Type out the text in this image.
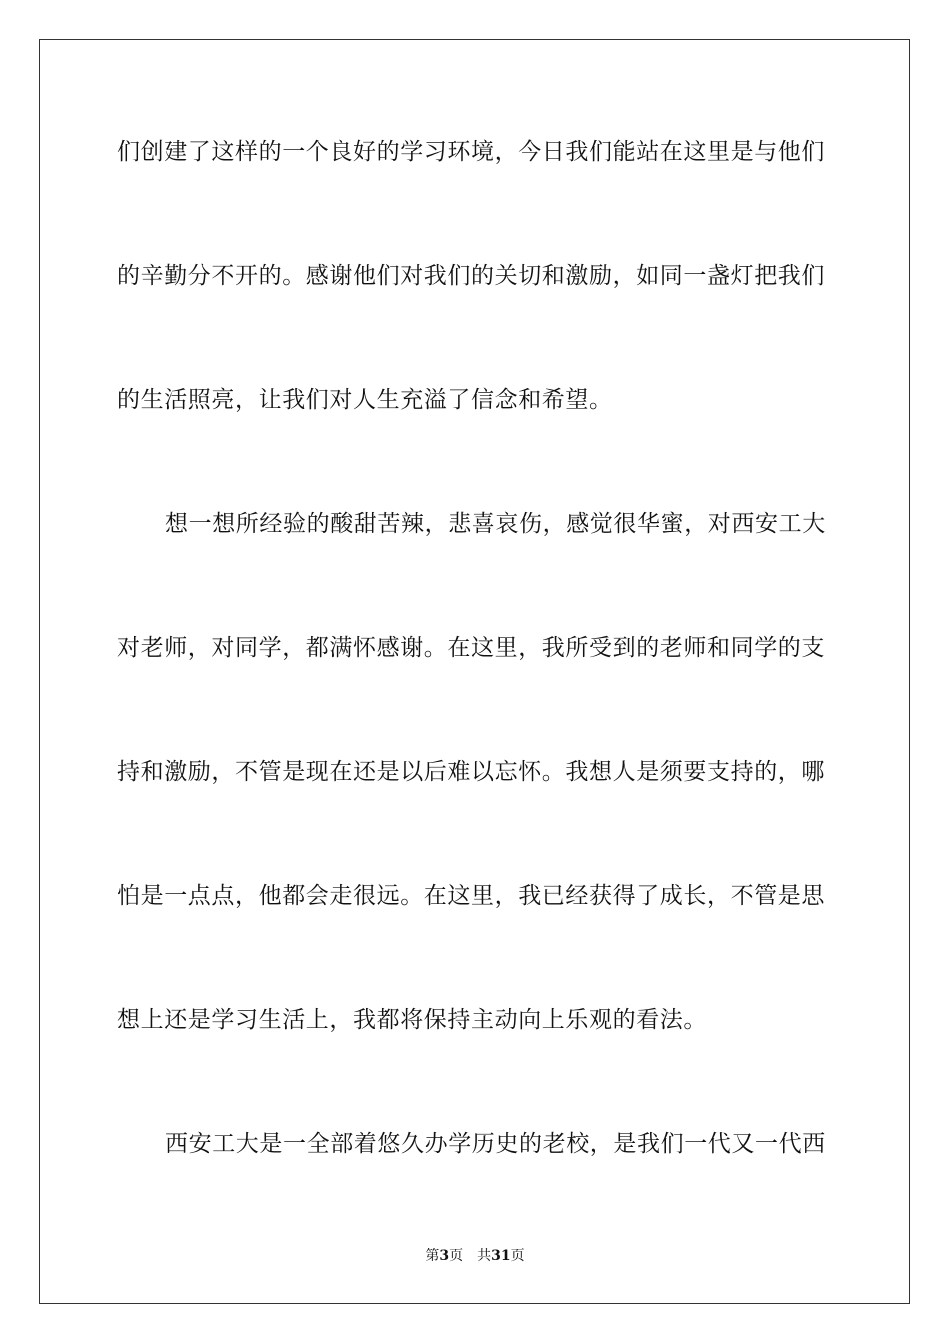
们创建了这样的一个良好的学习环境，今日我们能站在这里是与他们
的辛勤分不开的。感谢他们对我们的关切和激励，如同一盏灯把我们
的生活照亮，让我们对人生充溢了信念和希望。
想一想所经验的酸甜苦辣，悲喜哀伤，感觉很华蜜，对西安工大
对老师，对同学，都满怀感谢。在这里，我所受到的老师和同学的支
持和激励，不管是现在还是以后难以忘怀。我想人是须要支持的，哪
怕是一点点，他都会走很远。在这里，我已经获得了成长，不管是思
想上还是学习生活上，我都将保持主动向上乐观的看法。
西安工大是一全部着悠久办学历史的老校，是我们一代又一代西
第3页 共31页
